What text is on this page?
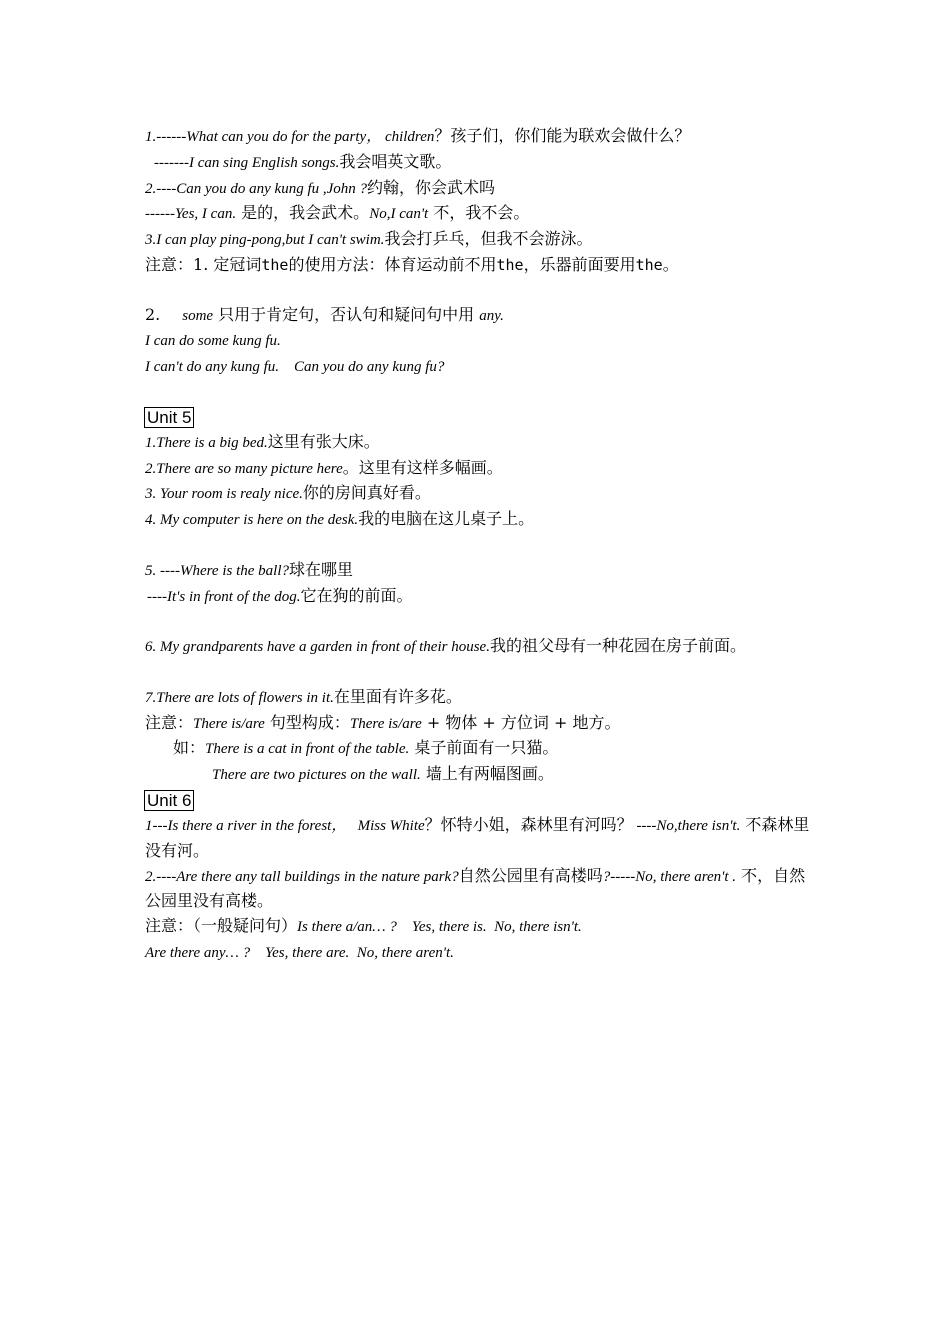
1.------What can you do for the party， children？孩子们，你们能为联欢会做什么？
-------I can sing English songs.我会唱英文歌。
2.----Can you do any kung fu ,John ?约翰，你会武术吗
------Yes, I can. 是的，我会武术。No,I can't 不，我不会。
3.I can play ping-pong,but I can't swim.我会打乒乓，但我不会游泳。
注意：1. 定冠词the的使用方法：体育运动前不用the，乐器前面要用the。
2. some 只用于肯定句，否认句和疑问句中用 any.
I can do some kung fu.
I can't do any kung fu.    Can you do any kung fu?
Unit 5
1.There is a big bed.这里有张大床。
2.There are so many picture here。这里有这样多幅画。
3. Your room is realy nice.你的房间真好看。
4. My computer is here on the desk.我的电脑在这儿桌子上。
5. ----Where is the ball?球在哪里
----It's in front of the dog.它在狗的前面。
6. My grandparents have a garden in front of their house.我的祖父母有一种花园在房子前面。
7.There are lots of flowers in it.在里面有许多花。
注意：There is/are 句型构成：There is/are + 物体 + 方位词 + 地方。
如：There is a cat in front of the table. 桌子前面有一只猫。
There are two pictures on the wall. 墙上有两幅图画。
Unit 6
1---Is there a river in the forest，   Miss White？怀特小姐，森林里有河吗？ ----No,there isn't. 不森林里没有河。
2.----Are there any tall buildings in the nature park?自然公园里有高楼吗?-----No, there aren't . 不，自然公园里没有高楼。
注意：（一般疑问句）Is there a/an… ?    Yes, there is.  No, there isn't.
Are there any… ?    Yes, there are.  No, there aren't.
